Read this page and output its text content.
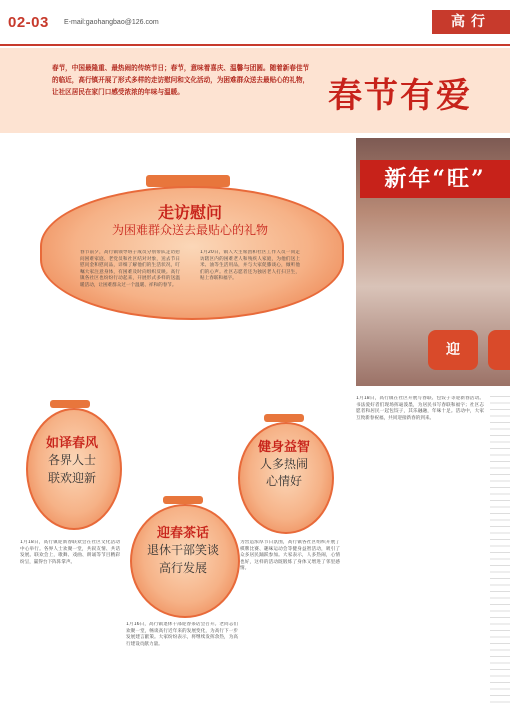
02-03 E-mail:gaohangbao@126.com	高行
春节，中国最隆重、最热闹的传统节日；春节，意味着喜庆、温馨与团圆。随着新春佳节的临近，高行镇开展了形式多样的走访慰问和文化活动，为困难群众送去最贴心的礼物，让社区居民在家门口感受浓浓的年味与温暖。	春节有爱
走访慰问
为困难群众送去最贴心的礼物
春节前夕，高行镇领导班子成员分别带队走访慰问困难家庭、老党员和社区结对对象，送去节日慰问金和慰问品，详细了解他们的生活状况，叮嘱大家注意身体，有困难及时向组织反映。高行镇各社区也纷纷行动起来，开展形式多样的送温暖活动，让困难群众过一个温暖、祥和的春节。
1月20日，镇人大主席团和社区工作人员一同走访辖区内的困难老人和残疾人家庭，为他们送上米、油等生活用品，并与大家促膝谈心，倾听他们的心声。社区志愿者还为独居老人打扫卫生，贴上春联和福字。
如译春风
各界人士
联欢迎新
1月18日，高行镇迎新春联欢会在社区文化活动中心举行。各界人士欢聚一堂，共叙友情、共话发展。联欢会上，歌舞、戏曲、朗诵等节目精彩纷呈，赢得台下阵阵掌声。
健身益智
人多热闹
心情好
为营造浓厚节日氛围，高行镇各社区组织开展了棋牌比赛、趣味运动会等健身益智活动，吸引了众多居民踊跃参加。大家表示，人多热闹，心情也好，这样的活动既锻炼了身体又增进了邻里感情。
迎春茶话
退休干部笑谈
高行发展
1月16日，高行镇退休干部迎春茶话会召开。老同志们欢聚一堂，畅谈高行近年来的发展变化，为高行下一步发展建言献策。大家纷纷表示，将继续发挥余热，为高行建设贡献力量。
新年“旺”
迎
1月18日，高行镇在社区开展写春联、包饺子等迎新春活动。书法爱好者们现场挥毫泼墨，为居民书写春联和福字；社区志愿者和居民一起包饺子，其乐融融，年味十足。活动中，大家互致新春祝福，共同迎接新春的到来。
